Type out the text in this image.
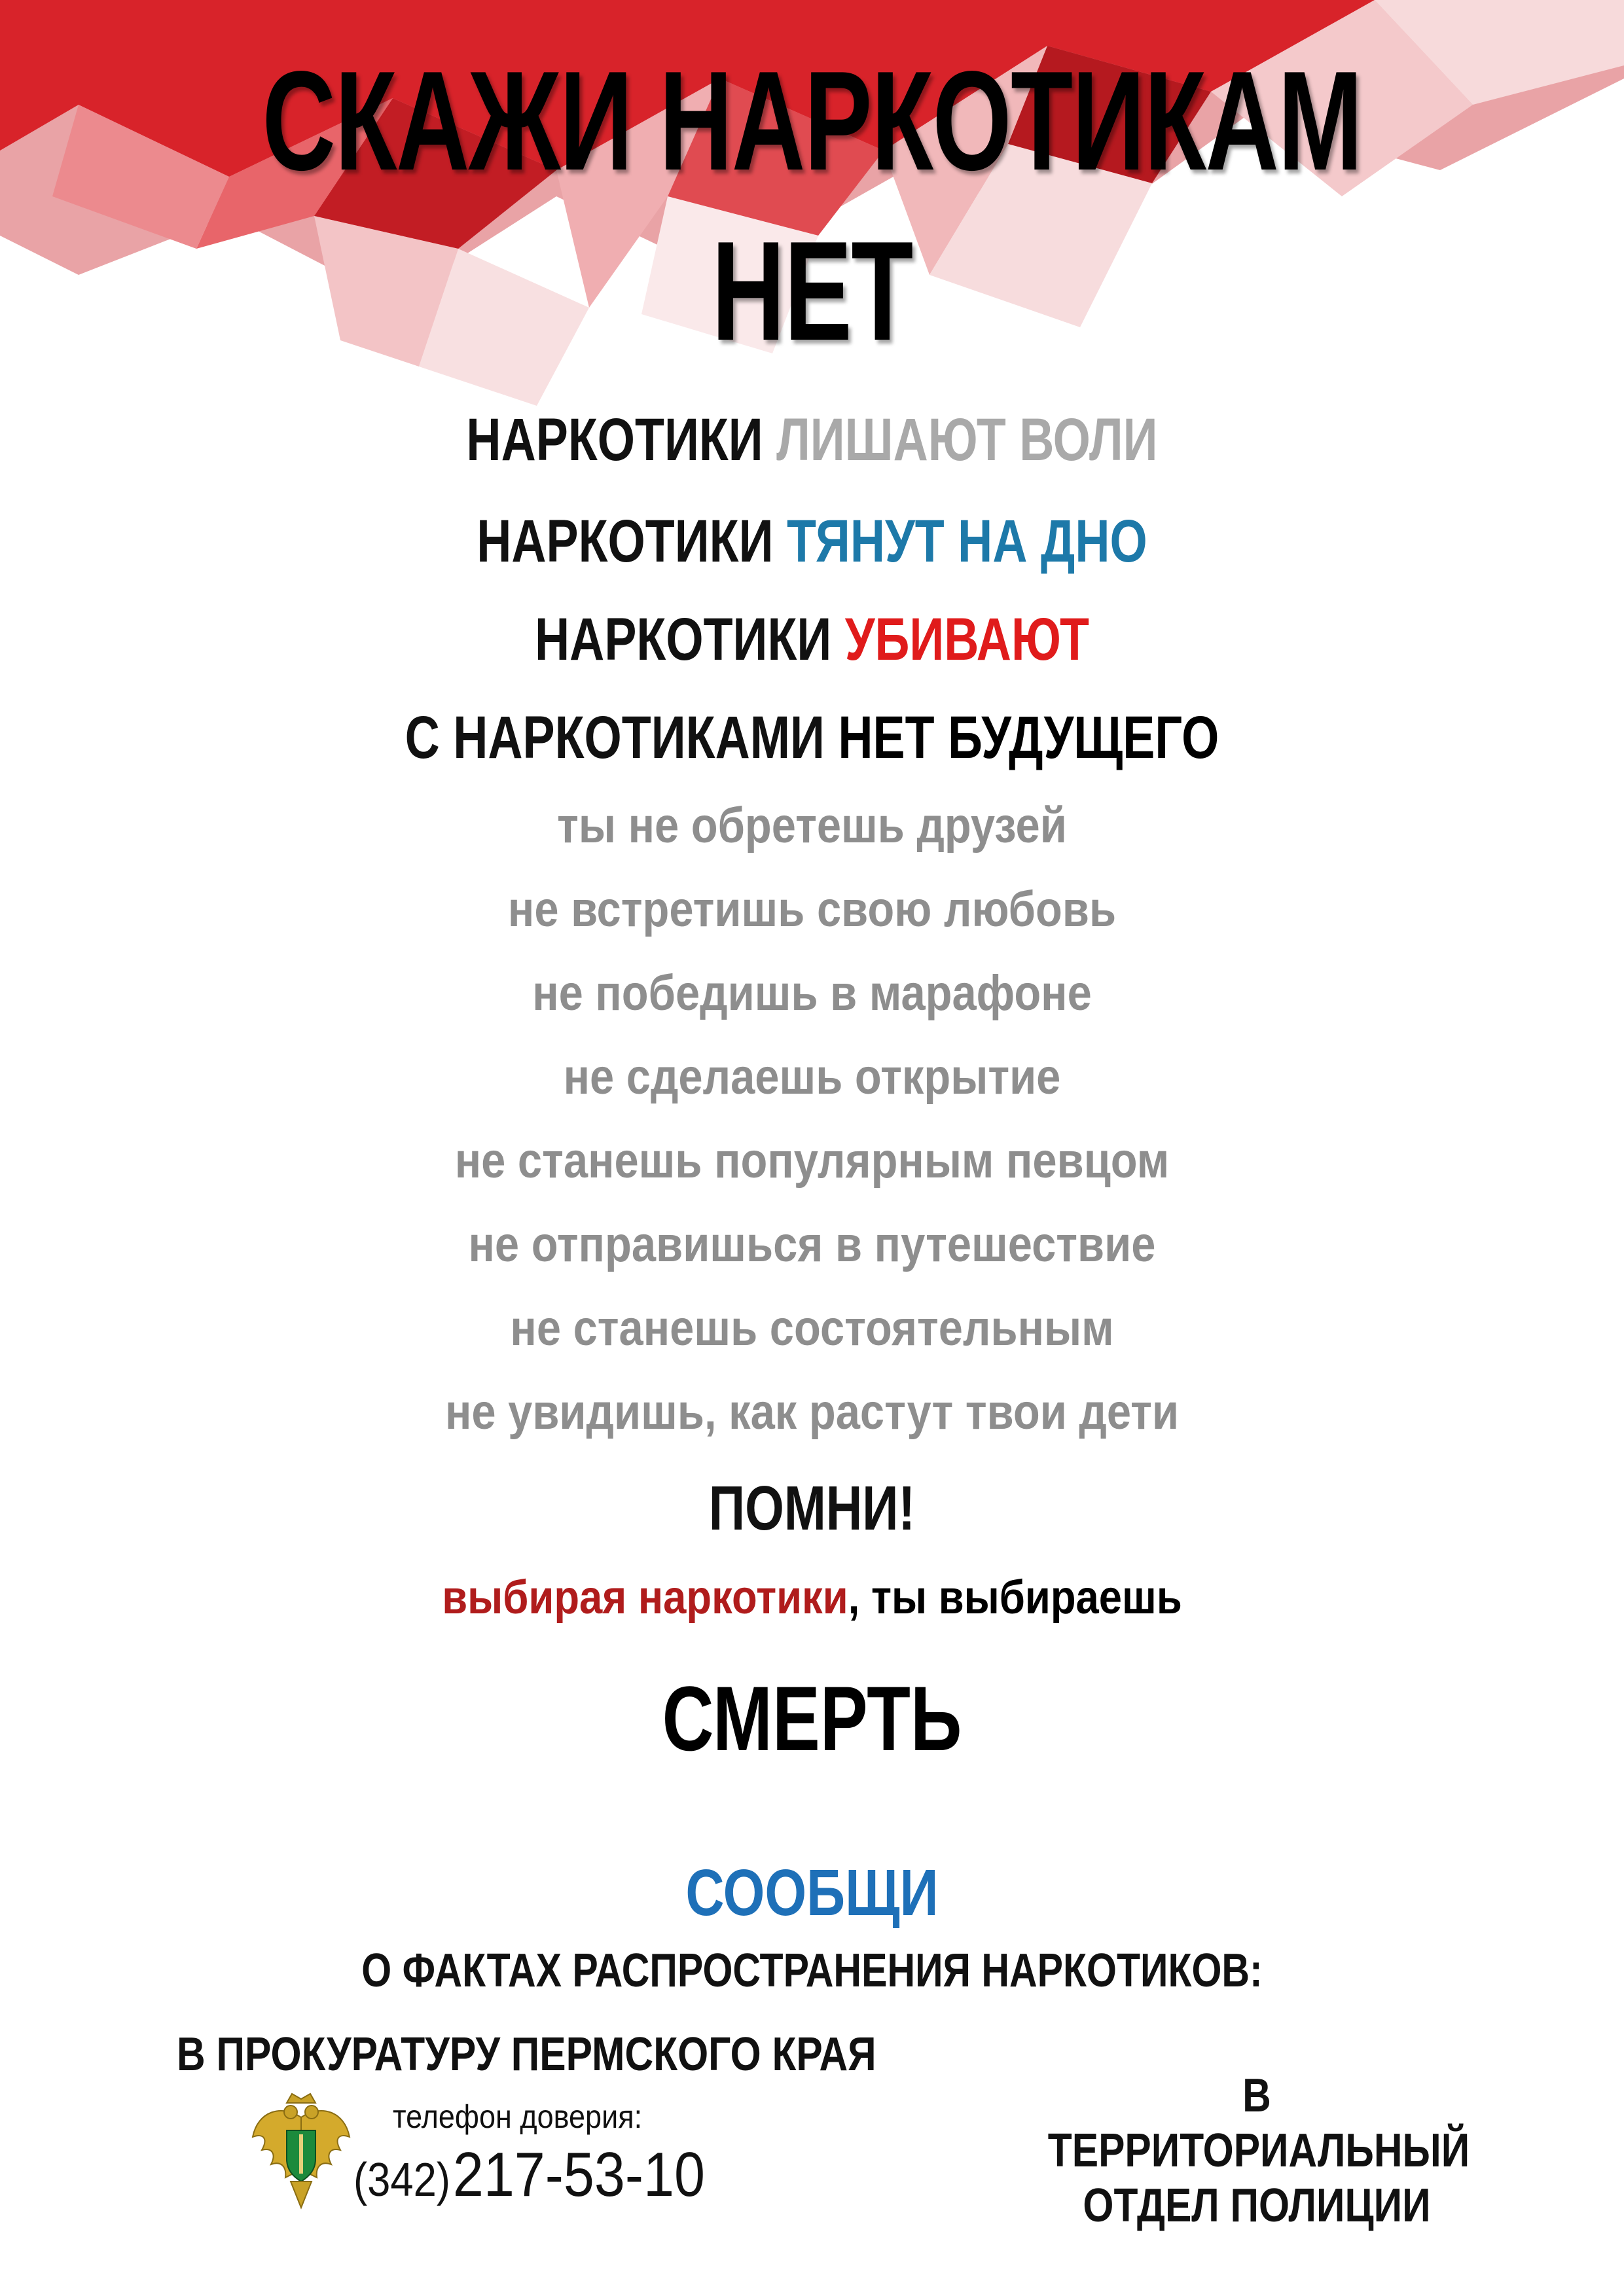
СКАЖИ НАРКОТИКАМ
НЕТ
НАРКОТИКИ ЛИШАЮТ ВОЛИ
НАРКОТИКИ ТЯНУТ НА ДНО
НАРКОТИКИ УБИВАЮТ
С НАРКОТИКАМИ НЕТ БУДУЩЕГО
ты не обретешь друзей
не встретишь свою любовь
не победишь в марафоне
не сделаешь открытие
не станешь популярным певцом
не отправишься в путешествие
не станешь состоятельным
не увидишь, как растут твои дети
ПОМНИ!
выбирая наркотики, ты выбираешь
СМЕРТЬ
СООБЩИ
О ФАКТАХ РАСПРОСТРАНЕНИЯ НАРКОТИКОВ:
В ПРОКУРАТУРУ ПЕРМСКОГО КРАЯ
телефон доверия:
(342) 217-53-10
В ТЕРРИТОРИАЛЬНЫЙ ОТДЕЛ ПОЛИЦИИ
